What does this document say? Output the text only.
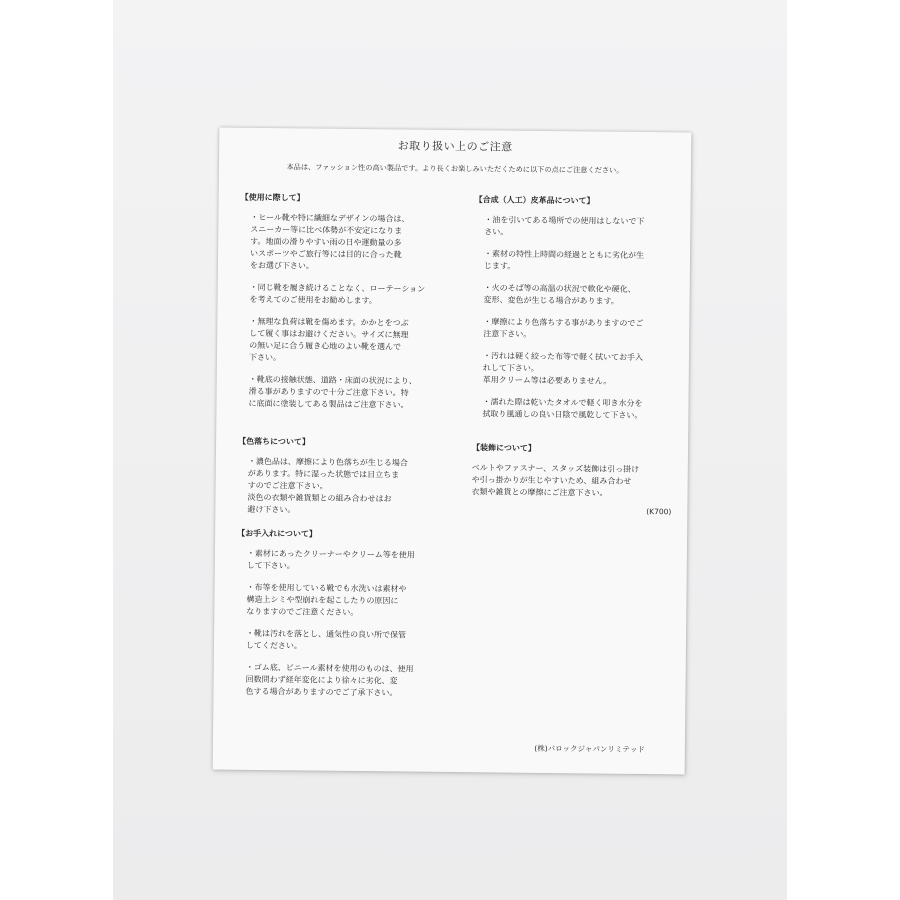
お取り扱い上のご注意
本品は、ファッション性の高い製品です。より長くお楽しみいただくために以下の点にご注意ください。
【使用に際して】
・ヒール靴や特に繊細なデザインの場合は、
スニーカー等に比べ体勢が不安定になりま
す。地面の滑りやすい雨の日や運動量の多
いスポーツやご旅行等には目的に合った靴
をお選び下さい。
・同じ靴を履き続けることなく、ローテーション
を考えてのご使用をお勧めします。
・無理な負荷は靴を傷めます。かかとをつぶ
して履く事はお避けください。サイズに無理
の無い足に合う履き心地のよい靴を選んで
下さい。
・靴底の接触状態、道路・床面の状況により、
滑る事がありますので十分ご注意下さい。特
に底面に塗装してある製品はご注意下さい。
【色落ちについて】
・濃色品は、摩擦により色落ちが生じる場合
があります。特に湿った状態では目立ちま
すのでご注意下さい。
淡色の衣類や雑貨類との組み合わせはお
避け下さい。
【お手入れについて】
・素材にあったクリーナーやクリーム等を使用
して下さい。
・布等を使用している靴でも水洗いは素材や
構造上シミや型崩れを起こしたりの原因に
なりますのでご注意ください。
・靴は汚れを落とし、通気性の良い所で保管
してください。
・ゴム底、ビニール素材を使用のものは、使用
回数問わず経年変化により徐々に劣化、変
色する場合がありますのでご了承下さい。
【合成（人工）皮革品について】
・油を引いてある場所での使用はしないで下
さい。
・素材の特性上時間の経過とともに劣化が生
じます。
・火のそば等の高温の状況で軟化や硬化、
変形、変色が生じる場合があります。
・摩擦により色落ちする事がありますのでご
注意下さい。
・汚れは硬く絞った布等で軽く拭いてお手入
れして下さい。
革用クリーム等は必要ありません。
・濡れた際は乾いたタオルで軽く叩き水分を
拭取り風通しの良い日陰で風乾して下さい。
【装飾について】
ベルトやファスナー、スタッズ装飾は引っ掛け
や引っ掛かりが生じやすいため、組み合わせ
衣類や雑貨との摩擦にご注意下さい。
(K700)
(株)バロックジャパンリミテッド
